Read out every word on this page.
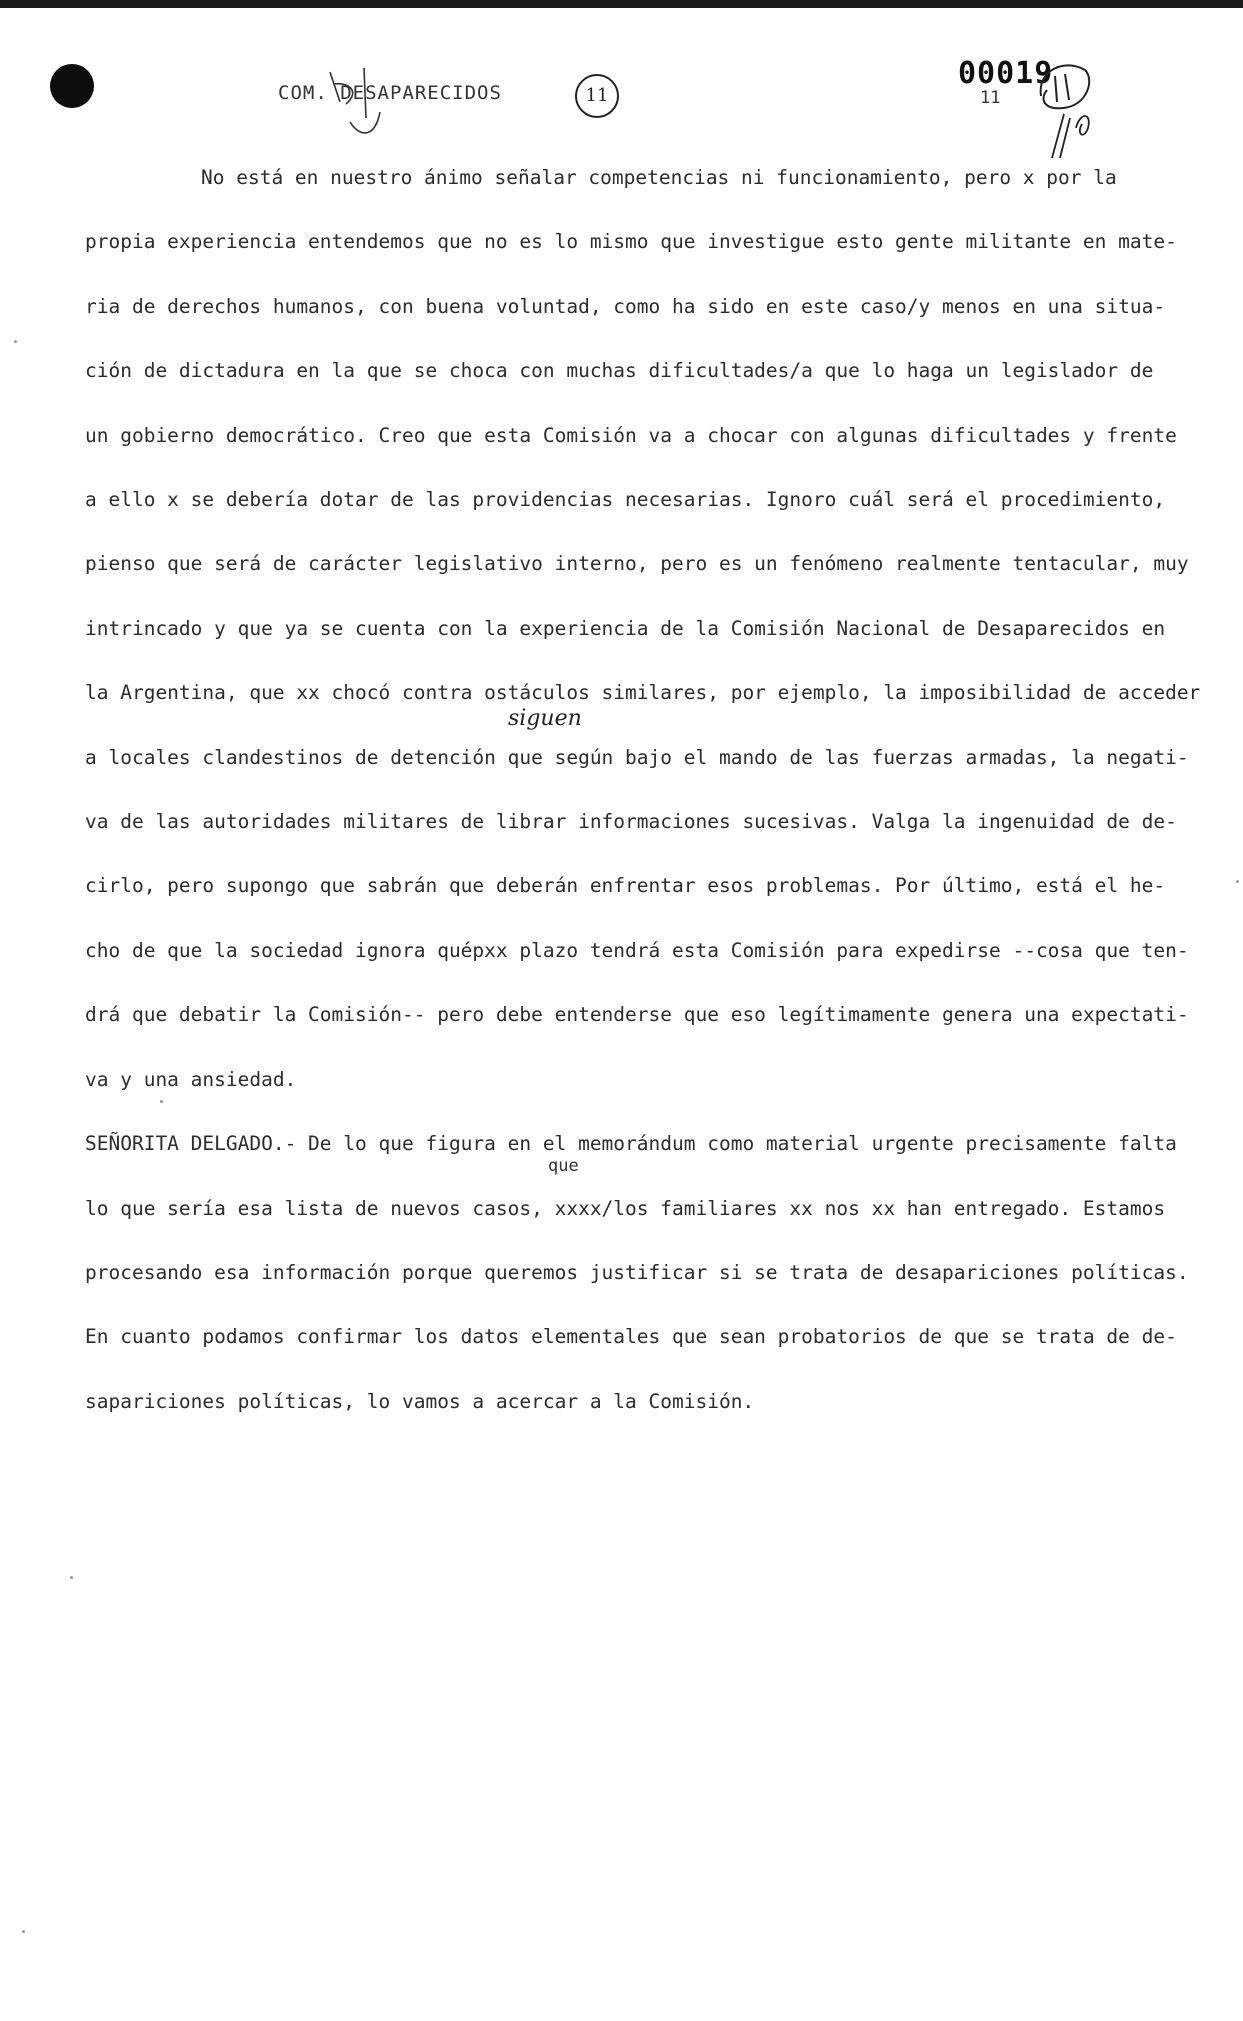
COM. DESAPARECIDOS	11
00019
11
No está en nuestro ánimo señalar competencias ni funcionamiento, pero x por la
propia experiencia entendemos que no es lo mismo que investigue esto gente militante en mate-
ria de derechos humanos, con buena voluntad, como ha sido en este caso/y menos en una situa-
ción de dictadura en la que se choca con muchas dificultades/a que lo haga un legislador de
un gobierno democrático. Creo que esta Comisión va a chocar con algunas dificultades y frente
a ello x se debería dotar de las providencias necesarias. Ignoro cuál será el procedimiento,
pienso que será de carácter legislativo interno, pero es un fenómeno realmente tentacular, muy
intrincado y que ya se cuenta con la experiencia de la Comisión Nacional de Desaparecidos en
la Argentina, que xx chocó contra ostáculos similares, por ejemplo, la imposibilidad de acceder
a locales clandestinos de detención que según bajo el mando de las fuerzas armadas, la negati-
va de las autoridades militares de librar informaciones sucesivas. Valga la ingenuidad de de-
cirlo, pero supongo que sabrán que deberán enfrentar esos problemas. Por último, está el he-
cho de que la sociedad ignora quépxx plazo tendrá esta Comisión para expedirse --cosa que ten-
drá que debatir la Comisión-- pero debe entenderse que eso legítimamente genera una expectati-
va y una ansiedad.
SEÑORITA DELGADO.- De lo que figura en el memorándum como material urgente precisamente falta
lo que sería esa lista de nuevos casos, xxxx/los familiares xx nos xx han entregado. Estamos
procesando esa información porque queremos justificar si se trata de desapariciones políticas.
En cuanto podamos confirmar los datos elementales que sean probatorios de que se trata de de-
sapariciones políticas, lo vamos a acercar a la Comisión.
siguen
que
